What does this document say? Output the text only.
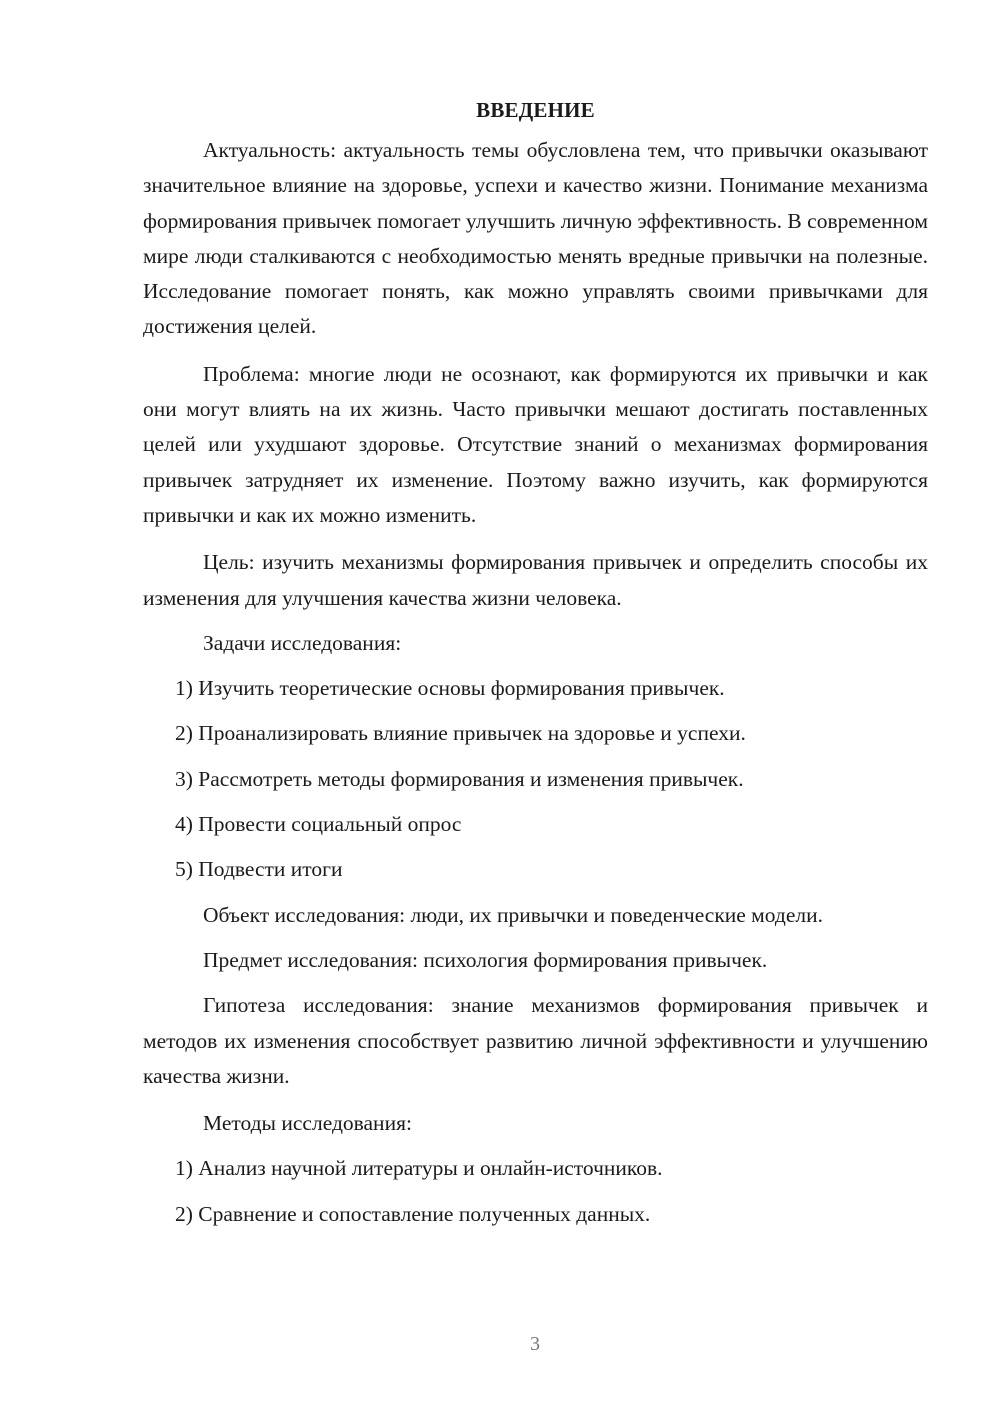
ВВЕДЕНИЕ

Актуальность: актуальность темы обусловлена тем, что привычки оказывают значительное влияние на здоровье, успехи и качество жизни. Понимание механизма формирования привычек помогает улучшить личную эффективность. В современном мире люди сталкиваются с необходимостью менять вредные привычки на полезные. Исследование помогает понять, как можно управлять своими привычками для достижения целей.

Проблема: многие люди не осознают, как формируются их привычки и как они могут влиять на их жизнь. Часто привычки мешают достигать поставленных целей или ухудшают здоровье. Отсутствие знаний о механизмах формирования привычек затрудняет их изменение. Поэтому важно изучить, как формируются привычки и как их можно изменить.

Цель: изучить механизмы формирования привычек и определить способы их изменения для улучшения качества жизни человека.

Задачи исследования:

1) Изучить теоретические основы формирования привычек.

2) Проанализировать влияние привычек на здоровье и успехи.

3) Рассмотреть методы формирования и изменения привычек.

4) Провести социальный опрос

5) Подвести итоги

Объект исследования: люди, их привычки и поведенческие модели.

Предмет исследования: психология формирования привычек.

Гипотеза исследования: знание механизмов формирования привычек и методов их изменения способствует развитию личной эффективности и улучшению качества жизни.

Методы исследования:

1) Анализ научной литературы и онлайн-источников.

2) Сравнение и сопоставление полученных данных.

3
